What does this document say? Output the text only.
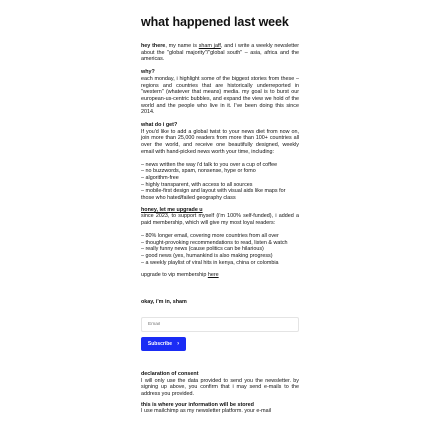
what happened last week

hey there, my name is sham jaff, and i write a weekly newsletter about the "global majority"/"global south" – asia, africa and the americas.

why?

each monday, i highlight some of the biggest stories from these – regions and countries that are historically underreported in "western" (whatever that means) media. my goal is to burst our european-us-centric bubbles, and expand the view we hold of the world and the people who live in it. I've been doing this since 2014.

what do i get?

If you'd like to add a global twist to your news diet from now on, join more than 25,000 readers from more than 100+ countries all over the world, and receive one beautifully designed, weekly email with hand-picked news worth your time, including:

– news written the way i'd talk to you over a cup of coffee
– no buzzwords, spam, nonsense, hype or fomo
– algorithm-free
– highly transparent, with access to all sources
– mobile-first design and layout with visual aids like maps for those who hated/failed geography class

honey, let me upgrade u

since 2023, to support myself (i'm 100% self-funded), i added a paid membership, which will give my most loyal readers:

– 80% longer email, covering more countries from all over
– thought-provoking recommendations to read, listen & watch
– really funny news (cause politics can be hilarious)
– good news (yes, humankind is also making progress)
– a weekly playlist of viral hits in kenya, china or colombia

upgrade to vip membership here

okay, i'm in, sham

Email Subscribe ›

declaration of consent

I will only use the data provided to send you the newsletter. by signing up above, you confirm that i may send e-mails to the address you provided.

this is where your information will be stored

I use mailchimp as my newsletter platform. your e-mail
